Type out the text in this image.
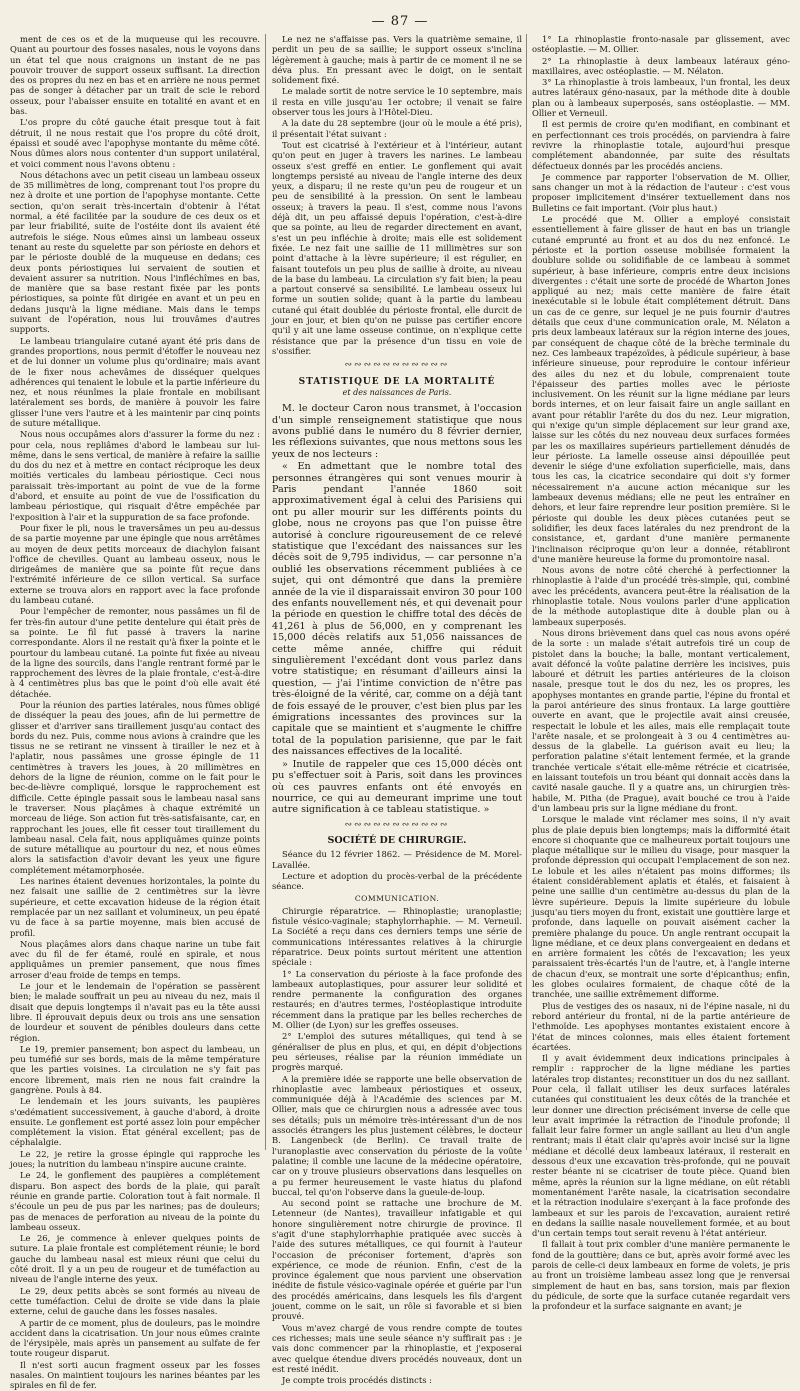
— 87 —

ment de ces os et de la muqueuse qui les recouvre. Quant au pourtour des fosses nasales, nous le voyons dans un état tel que nous craignons un instant de ne pas pouvoir trouver de support osseux suffisant. La direction des os propres du nez en bas et en arrière ne nous permet pas de songer à détacher par un trait de scie le rebord osseux, pour l'abaisser ensuite en totalité en avant et en bas.

L'os propre du côté gauche était presque tout à fait détruit, il ne nous restait que l'os propre du côté droit, épaissi et soudé avec l'apophyse montante du même côté. Nous dûmes alors nous contenter d'un support unilatéral, et voici comment nous l'avons obtenu :

Nous détachons avec un petit ciseau un lambeau osseux de 35 millimètres de long, comprenant tout l'os propre du nez à droite et une portion de l'apophyse montante. Cette section, qu'on serait très-incertain d'obtenir à l'état normal, a été facilitée par la soudure de ces deux os et par leur friabilité, suite de l'ostéite dont ils avaient été autrefois le siége. Nous eûmes ainsi un lambeau osseux tenant au reste du squelette par son périoste en dehors et par le périoste doublé de la muqueuse en dedans; ces deux ponts périostiques lui servaient de soutien et devaient assurer sa nutrition. Nous l'infléchîmes en bas, de manière que sa base restant fixée par les ponts périostiques, sa pointe fût dirigée en avant et un peu en dedans jusqu'à la ligne médiane. Mais dans le temps suivant de l'opération, nous lui trouvâmes d'autres supports.

Le lambeau triangulaire cutané ayant été pris dans de grandes proportions, nous permit d'étoffer le nouveau nez et de lui donner un volume plus qu'ordinaire; mais avant de le fixer nous achevâmes de disséquer quelques adhérences qui tenaient le lobule et la partie inférieure du nez, et nous réunîmes la plaie frontale en mobilisant latéralement ses bords, de manière à pouvoir les faire glisser l'une vers l'autre et à les maintenir par cinq points de suture métallique.

Nous nous occupâmes alors d'assurer la forme du nez : pour cela, nous repliâmes d'abord le lambeau sur lui-même, dans le sens vertical, de manière à refaire la saillie du dos du nez et à mettre en contact réciproque les deux moitiés verticales du lambeau périostique. Ceci nous paraissait très-important au point de vue de la forme d'abord, et ensuite au point de vue de l'ossification du lambeau périostique, qui risquait d'être empêchée par l'exposition à l'air et la suppuration de sa face profonde.

Pour fixer le pli, nous le traversâmes un peu au-dessus de sa partie moyenne par une épingle que nous arrêtâmes au moyen de deux petits morceaux de diachylon faisant l'office de chevilles. Quant au lambeau osseux, nous le dirigeâmes de manière que sa pointe fût reçue dans l'extrémité inférieure de ce sillon vertical. Sa surface externe se trouva alors en rapport avec la face profonde du lambeau cutané.

Pour l'empêcher de remonter, nous passâmes un fil de fer très-fin autour d'une petite dentelure qui était près de sa pointe. Le fil fut passé à travers la narine correspondante. Alors il ne restait qu'à fixer la pointe et le pourtour du lambeau cutané. La pointe fut fixée au niveau de la ligne des sourcils, dans l'angle rentrant formé par le rapprochement des lèvres de la plaie frontale, c'est-à-dire à 4 centimètres plus bas que le point d'où elle avait été détachée.

Pour la réunion des parties latérales, nous fûmes obligé de disséquer la peau des joues, afin de lui permettre de glisser et d'arriver sans tiraillement jusqu'au contact des bords du nez. Puis, comme nous avions à craindre que les tissus ne se retirant ne vinssent à tirailler le nez et à l'aplatir, nous passâmes une grosse épingle de 11 centimètres à travers les joues, à 20 millimètres en dehors de la ligne de réunion, comme on le fait pour le bec-de-lièvre compliqué, lorsque le rapprochement est difficile. Cette épingle passait sous le lambeau nasal sans le traverser. Nous plaçâmes à chaque extrémité un morceau de liége. Son action fut très-satisfaisante, car, en rapprochant les joues, elle fit cesser tout tiraillement du lambeau nasal. Cela fait, nous appliquâmes quinze points de suture métallique au pourtour du nez, et nous eûmes alors la satisfaction d'avoir devant les yeux une figure complétement métamorphosée.

Les narines étaient devenues horizontales, la pointe du nez faisait une saillie de 2 centimètres sur la lèvre supérieure, et cette excavation hideuse de la région était remplacée par un nez saillant et volumineux, un peu épaté vu de face à sa partie moyenne, mais bien accusé de profil.

Nous plaçâmes alors dans chaque narine un tube fait avec du fil de fer étamé, roulé en spirale, et nous appliquâmes un premier pansement, que nous fîmes arroser d'eau froide de temps en temps.

Le jour et le lendemain de l'opération se passèrent bien; le malade souffrait un peu au niveau du nez, mais il disait que depuis longtemps il n'avait pas eu la tête aussi libre. Il éprouvait depuis deux ou trois ans une sensation de lourdeur et souvent de pénibles douleurs dans cette région.

Le 19, premier pansement; bon aspect du lambeau, un peu tuméfié sur ses bords, mais de la même température que les parties voisines. La circulation ne s'y fait pas encore librement, mais rien ne nous fait craindre la gangrène. Pouls à 84.

Le lendemain et les jours suivants, les paupières s'œdématient successivement, à gauche d'abord, à droite ensuite. Le gonflement est porté assez loin pour empêcher complétement la vision. État général excellent; pas de céphalalgie.

Le 22, je retire la grosse épingle qui rapproche les joues; la nutrition du lambeau n'inspire aucune crainte.

Le 24, le gonflement des paupières a complétement disparu. Bon aspect des bords de la plaie, qui paraît réunie en grande partie. Coloration tout à fait normale. Il s'écoule un peu de pus par les narines; pas de douleurs; pas de menaces de perforation au niveau de la pointe du lambeau osseux.

Le 26, je commence à enlever quelques points de suture. La plaie frontale est complétement réunie; le bord gauche du lambeau nasal est mieux réuni que celui du côté droit. Il y a un peu de rougeur et de tuméfaction au niveau de l'angle interne des yeux.

Le 29, deux petits abcès se sont formés au niveau de cette tuméfaction. Celui de droite se vide dans la plaie externe, celui de gauche dans les fosses nasales.

A partir de ce moment, plus de douleurs, pas le moindre accident dans la cicatrisation. Un jour nous eûmes crainte de l'érysipèle, mais après un pansement au sulfate de fer toute rougeur disparut.

Il n'est sorti aucun fragment osseux par les fosses nasales. On maintient toujours les narines béantes par les spirales en fil de fer.

Le nez ne s'affaisse pas. Vers la quatrième semaine, il perdit un peu de sa saillie; le support osseux s'inclina légèrement à gauche; mais à partir de ce moment il ne se déva plus. En pressant avec le doigt, on le sentait solidement fixé.

Le malade sortit de notre service le 10 septembre, mais il resta en ville jusqu'au 1er octobre; il venait se faire observer tous les jours à l'Hôtel-Dieu.

A la date du 28 septembre (jour où le moule a été pris), il présentait l'état suivant :

Tout est cicatrisé à l'extérieur et à l'intérieur, autant qu'on peut en juger à travers les narines. Le lambeau osseux s'est greffé en entier. Le gonflement qui avait longtemps persisté au niveau de l'angle interne des deux yeux, a disparu; il ne reste qu'un peu de rougeur et un peu de sensibilité à la pression. On sent le lambeau osseux; à travers la peau. Il s'est, comme nous l'avons déjà dit, un peu affaissé depuis l'opération, c'est-à-dire que sa pointe, au lieu de regarder directement en avant, s'est un peu infléchie à droite; mais elle est solidement fixée. Le nez fait une saillie de 11 millimètres sur son point d'attache à la lèvre supérieure; il est régulier, en faisant toutefois un peu plus de saillie à droite, au niveau de la base du lambeau. La circulation s'y fait bien; la peau a partout conservé sa sensibilité. Le lambeau osseux lui forme un soutien solide; quant à la partie du lambeau cutané qui était doublée du périoste frontal, elle durcit de jour en jour, et bien qu'on ne puisse pas certifier encore qu'il y ait une lame osseuse continue, on n'explique cette résistance que par la présence d'un tissu en voie de s'ossifier.

∾∾∾∾∾∾∾∾∾∾∾

STATISTIQUE DE LA MORTALITÉ

et des naissances de Paris.

M. le docteur Caron nous transmet, à l'occasion d'un simple renseignement statistique que nous avons publié dans le numéro du 8 février dernier, les réflexions suivantes, que nous mettons sous les yeux de nos lecteurs :

« En admettant que le nombre total des personnes étrangères qui sont venues mourir à Paris pendant l'année 1860 soit approximativement égal à celui des Parisiens qui ont pu aller mourir sur les différents points du globe, nous ne croyons pas que l'on puisse être autorisé à conclure rigoureusement de ce relevé statistique que l'excédant des naissances sur les décès soit de 9,795 individus, — car personne n'a oublié les observations récemment publiées à ce sujet, qui ont démontré que dans la première année de la vie il disparaissait environ 30 pour 100 des enfants nouvellement nés, et qui devenait pour la période en question le chiffre total des décès de 41,261 à plus de 56,000, en y comprenant les 15,000 décès relatifs aux 51,056 naissances de cette même année, chiffre qui réduit singulièrement l'excédant dont vous parlez dans votre statistique; en résumant d'ailleurs ainsi la question, — j'ai l'intime conviction de n'être pas très-éloigné de la vérité, car, comme on a déjà tant de fois essayé de le prouver, c'est bien plus par les émigrations incessantes des provinces sur la capitale que se maintient et s'augmente le chiffre total de la population parisienne, que par le fait des naissances effectives de la localité.

» Inutile de rappeler que ces 15,000 décès ont pu s'effectuer soit à Paris, soit dans les provinces où ces pauvres enfants ont été envoyés en nourrice, ce qui au demeurant imprime une tout autre signification à ce tableau statistique. »

∾∾∾∾∾∾∾∾∾∾∾

SOCIÉTÉ DE CHIRURGIE.

Séance du 12 février 1862. — Présidence de M. Morel-Lavallée.

Lecture et adoption du procès-verbal de la précédente séance.

COMMUNICATION.

Chirurgie réparatrice. — Rhinoplastie; uranoplastie; fistule vésico-vaginale; staphylorrhaphie. — M. Verneuil. La Société a reçu dans ces derniers temps une série de communications intéressantes relatives à la chirurgie réparatrice. Deux points surtout méritent une attention spéciale :

1° La conservation du périoste à la face profonde des lambeaux autoplastiques, pour assurer leur solidité et rendre permanente la configuration des organes restaurés; en d'autres termes, l'ostéoplastique introduite récemment dans la pratique par les belles recherches de M. Ollier (de Lyon) sur les greffes osseuses.

2° L'emploi des sutures métalliques, qui tend à se généraliser de plus en plus, et qui, en dépit d'objections peu sérieuses, réalise par la réunion immédiate un progrès marqué.

A la première idée se rapporte une belle observation de rhinoplastie avec lambeaux périostiques et osseux, communiquée déjà à l'Académie des sciences par M. Ollier, mais que ce chirurgien nous a adressée avec tous ses détails; puis un mémoire très-intéressant d'un de nos associés étrangers les plus justement célèbres, le docteur B. Langenbeck (de Berlin). Ce travail traite de l'uranoplastie avec conservation du périoste de la voûte palatine; il comble une lacune de la médecine opératoire, car on y trouve plusieurs observations dans lesquelles on a pu fermer heureusement le vaste hiatus du plafond buccal, tel qu'on l'observe dans la gueule-de-loup.

Au second point se rattache une brochure de M. Letenneur (de Nantes), travailleur infatigable et qui honore singulièrement notre chirurgie de province. Il s'agit d'une staphylorrhaphie pratiquée avec succès à l'aide des sutures métalliques, ce qui fournit à l'auteur l'occasion de préconiser fortement, d'après son expérience, ce mode de réunion. Enfin, c'est de la province également que nous parvient une observation inédite de fistule vésico-vaginale opérée et guérie par l'un des procédés américains, dans lesquels les fils d'argent jouent, comme on le sait, un rôle si favorable et si bien prouvé.

Vous m'avez chargé de vous rendre compte de toutes ces richesses; mais une seule séance n'y suffirait pas : je vais donc commencer par la rhinoplastie, et j'exposerai avec quelque étendue divers procédés nouveaux, dont un est resté inédit.

Je compte trois procédés distincts :

1° La rhinoplastie fronto-nasale par glissement, avec ostéoplastie. — M. Ollier.

2° La rhinoplastie à deux lambeaux latéraux géno-maxillaires, avec ostéoplastie. — M. Nélaton.

3° La rhinoplastie à trois lambeaux, l'un frontal, les deux autres latéraux géno-nasaux, par la méthode dite à double plan ou à lambeaux superposés, sans ostéoplastie. — MM. Ollier et Verneuil.

Il est permis de croire qu'en modifiant, en combinant et en perfectionnant ces trois procédés, on parviendra à faire revivre la rhinoplastie totale, aujourd'hui presque complétement abandonnée, par suite des résultats défectueux donnés par les procédés anciens.

Je commence par rapporter l'observation de M. Ollier, sans changer un mot à la rédaction de l'auteur : c'est vous proposer implicitement d'insérer textuellement dans nos Bulletins ce fait important. (Voir plus haut.)

Le procédé que M. Ollier a employé consistait essentiellement à faire glisser de haut en bas un triangle cutané emprunté au front et au dos du nez enfoncé. Le périoste et la portion osseuse mobilisée formaient la doublure solide ou solidifiable de ce lambeau à sommet supérieur, à base inférieure, compris entre deux incisions divergentes : c'était une sorte de procédé de Wharton Jones appliqué au nez; mais cette manière de faire était inexécutable si le lobule était complétement détruit. Dans un cas de ce genre, sur lequel je ne puis fournir d'autres détails que ceux d'une communication orale, M. Nélaton a pris deux lambeaux latéraux sur la région interne des joues, par conséquent de chaque côté de la brèche terminale du nez. Ces lambeaux trapézoïdes, à pédicule supérieur, à base inférieure sinueuse, pour reproduire le contour inférieur des ailes du nez et du lobule, comprenaient toute l'épaisseur des parties molles avec le périoste inclusivement. On les réunit sur la ligne médiane par leurs bords internes, et on leur faisait faire un angle saillant en avant pour rétablir l'arête du dos du nez. Leur migration, qui n'exige qu'un simple déplacement sur leur grand axe, laisse sur les côtés du nez nouveau deux surfaces formées par les os maxillaires supérieurs partiellement dénudés de leur périoste. La lamelle osseuse ainsi dépouillée peut devenir le siége d'une exfoliation superficielle, mais, dans tous les cas, la cicatrice secondaire qui doit s'y former nécessairement n'a aucune action mécanique sur les lambeaux devenus médians; elle ne peut les entraîner en dehors, et leur faire reprendre leur position première. Si le périoste qui double les deux pièces cutanées peut se solidifier, les deux faces latérales du nez prendront de la consistance, et, gardant d'une manière permanente l'inclinaison réciproque qu'on leur a donnée, rétabliront d'une manière heureuse la forme du promontoire nasal.

Nous avons de notre côté cherché à perfectionner la rhinoplastie à l'aide d'un procédé très-simple, qui, combiné avec les précédents, avancera peut-être la réalisation de la rhinoplastie totale. Nous voulons parler d'une application de la méthode autoplastique dite à double plan ou à lambeaux superposés.

Nous dirons brièvement dans quel cas nous avons opéré de la sorte : un malade s'était autrefois tiré un coup de pistolet dans la bouche; la balle, montant verticalement, avait défoncé la voûte palatine derrière les incisives, puis labouré et détruit les parties antérieures de la cloison nasale, presque tout le dos du nez, les os propres, les apophyses montantes en grande partie, l'épine du frontal et la paroi antérieure des sinus frontaux. La large gouttière ouverte en avant, que le projectile avait ainsi creusée, respectait le lobule et les ailes, mais elle remplaçait toute l'arête nasale, et se prolongeait à 3 ou 4 centimètres au-dessus de la glabelle. La guérison avait eu lieu; la perforation palatine s'était lentement fermée, et la grande tranchée verticale s'était elle-même rétrécie et cicatrisée, en laissant toutefois un trou béant qui donnait accès dans la cavité nasale gauche. Il y a quatre ans, un chirurgien très-habile, M. Pitha (de Prague), avait bouché ce trou à l'aide d'un lambeau pris sur la ligne médiane du front.

Lorsque le malade vint réclamer mes soins, il n'y avait plus de plaie depuis bien longtemps; mais la difformité était encore si choquante que ce malheureux portait toujours une plaque métallique sur le milieu du visage, pour masquer la profonde dépression qui occupait l'emplacement de son nez. Le lobule et les ailes n'étaient pas moins difformes; ils étaient considérablement aplatis et étalés, et faisaient à peine une saillie d'un centimètre au-dessus du plan de la lèvre supérieure. Depuis la limite supérieure du lobule jusqu'au tiers moyen du front, existait une gouttière large et profonde, dans laquelle on pouvait aisément cacher la première phalange du pouce. Un angle rentrant occupait la ligne médiane, et ce deux plans convergeaient en dedans et en arrière formaient les côtés de l'excavation; les yeux paraissaient très-écartés l'un de l'autre, et, à l'angle interne de chacun d'eux, se montrait une sorte d'épicanthus; enfin, les globes oculaires formaient, de chaque côté de la tranchée, une saillie extrêmement difforme.

Plus de vestiges des os nasaux, ni de l'épine nasale, ni du rebord antérieur du frontal, ni de la partie antérieure de l'ethmoïde. Les apophyses montantes existaient encore à l'état de minces colonnes, mais elles étaient fortement écartées.

Il y avait évidemment deux indications principales à remplir : rapprocher de la ligne médiane les parties latérales trop distantes; reconstituer un dos du nez saillant. Pour cela, il fallait utiliser les deux surfaces latérales cutanées qui constituaient les deux côtés de la tranchée et leur donner une direction précisément inverse de celle que leur avait imprimée la rétraction de l'inodule profonde; il fallait leur faire former un angle saillant au lieu d'un angle rentrant; mais il était clair qu'après avoir incisé sur la ligne médiane et décollé deux lambeaux latéraux, il resterait en dessous d'eux une excavation très-profonde, qui ne pouvait rester béante ni se cicatriser de toute pièce. Quand bien même, après la réunion sur la ligne médiane, on eût rétabli momentanément l'arête nasale, la cicatrisation secondaire et la rétraction inodulaire s'exerçant à la face profonde des lambeaux et sur les parois de l'excavation, auraient retiré en dedans la saillie nasale nouvellement formée, et au bout d'un certain temps tout serait revenu à l'état antérieur.

Il fallait à tout prix combler d'une manière permanente le fond de la gouttière; dans ce but, après avoir formé avec les parois de celle-ci deux lambeaux en forme de volets, je pris au front un troisième lambeau assez long que je renversai simplement de haut en bas, sans torsion, mais par flexion du pédicule, de sorte que la surface cutanée regardait vers la profondeur et la surface saignante en avant; je
